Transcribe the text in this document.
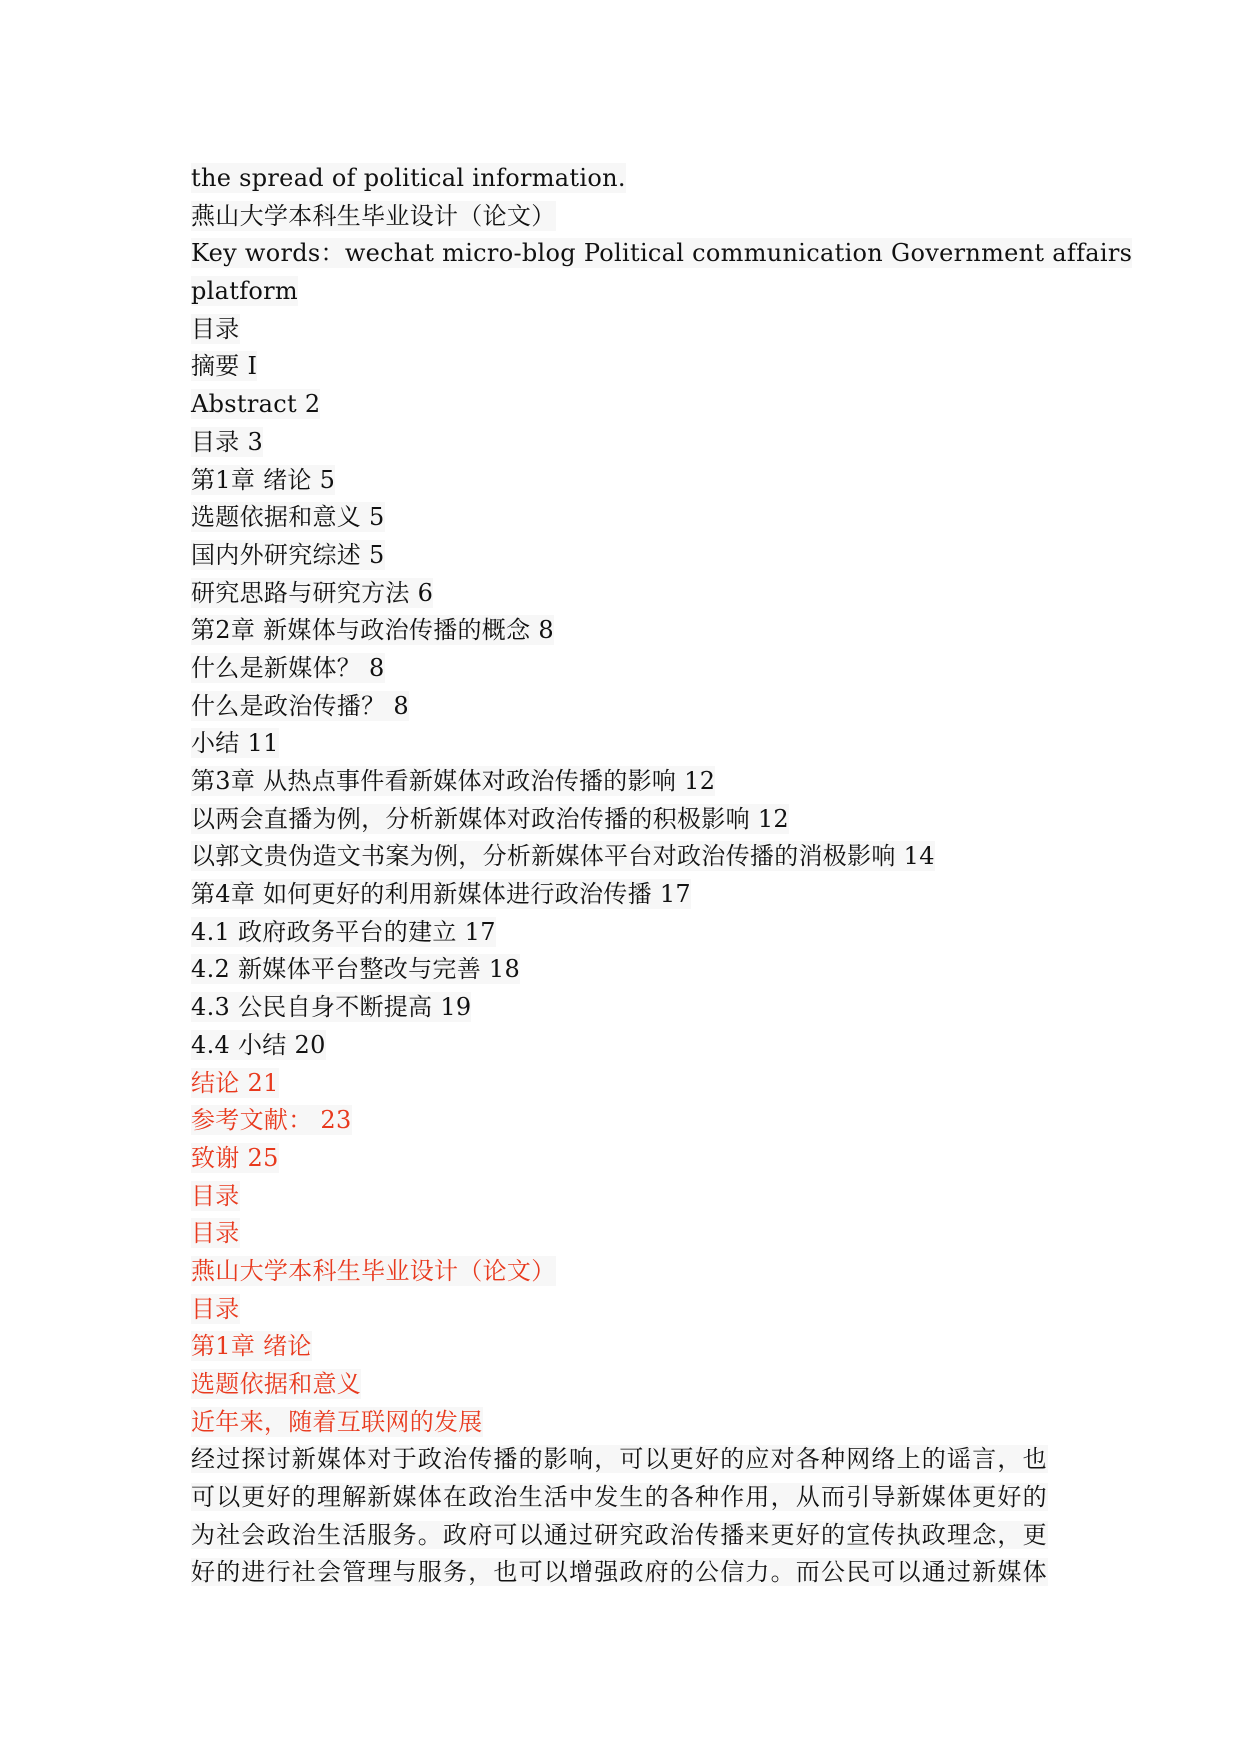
the spread of political information.
燕山大学本科生毕业设计（论文）
Key words：wechat micro-blog Political communication Government affairs
platform
目录
摘要 I
Abstract 2
目录 3
第1章 绪论 5
选题依据和意义 5
国内外研究综述 5
研究思路与研究方法 6
第2章 新媒体与政治传播的概念 8
什么是新媒体？ 8
什么是政治传播？ 8
小结 11
第3章 从热点事件看新媒体对政治传播的影响 12
以两会直播为例，分析新媒体对政治传播的积极影响 12
以郭文贵伪造文书案为例，分析新媒体平台对政治传播的消极影响 14
第4章 如何更好的利用新媒体进行政治传播 17
4.1 政府政务平台的建立 17
4.2 新媒体平台整改与完善 18
4.3 公民自身不断提高 19
4.4 小结 20
结论 21
参考文献： 23
致谢 25
目录
目录
燕山大学本科生毕业设计（论文）
目录
第1章 绪论
选题依据和意义
近年来，随着互联网的发展
经过探讨新媒体对于政治传播的影响，可以更好的应对各种网络上的谣言，也可以更好的理解新媒体在政治生活中发生的各种作用，从而引导新媒体更好的为社会政治生活服务。政府可以通过研究政治传播来更好的宣传执政理念，更好的进行社会管理与服务，也可以增强政府的公信力。而公民可以通过新媒体
